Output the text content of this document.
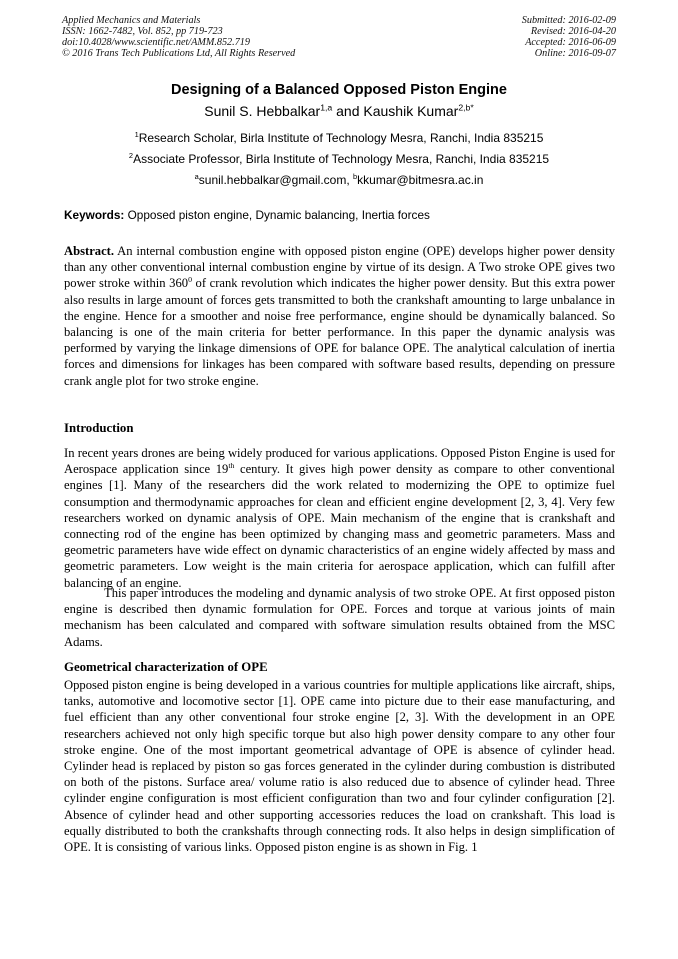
Applied Mechanics and Materials
ISSN: 1662-7482, Vol. 852, pp 719-723
doi:10.4028/www.scientific.net/AMM.852.719
© 2016 Trans Tech Publications Ltd, All Rights Reserved
Submitted: 2016-02-09
Revised: 2016-04-20
Accepted: 2016-06-09
Online: 2016-09-07
Designing of a Balanced Opposed Piston Engine
Sunil S. Hebbalkar$^{1,a}$ and Kaushik Kumar$^{2,b*}$
$^1$Research Scholar, Birla Institute of Technology Mesra, Ranchi, India 835215
$^2$Associate Professor, Birla Institute of Technology Mesra, Ranchi, India 835215
$^a$sunil.hebbalkar@gmail.com, $^b$kkumar@bitmesra.ac.in
Keywords: Opposed piston engine, Dynamic balancing, Inertia forces
Abstract. An internal combustion engine with opposed piston engine (OPE) develops higher power density than any other conventional internal combustion engine by virtue of its design. A Two stroke OPE gives two power stroke within $360^0$ of crank revolution which indicates the higher power density. But this extra power also results in large amount of forces gets transmitted to both the crankshaft amounting to large unbalance in the engine. Hence for a smoother and noise free performance, engine should be dynamically balanced. So balancing is one of the main criteria for better performance. In this paper the dynamic analysis was performed by varying the linkage dimensions of OPE for balance OPE. The analytical calculation of inertia forces and dimensions for linkages has been compared with software based results, depending on pressure crank angle plot for two stroke engine.
Introduction
In recent years drones are being widely produced for various applications. Opposed Piston Engine is used for Aerospace application since 19th century. It gives high power density as compare to other conventional engines [1]. Many of the researchers did the work related to modernizing the OPE to optimize fuel consumption and thermodynamic approaches for clean and efficient engine development [2, 3, 4]. Very few researchers worked on dynamic analysis of OPE. Main mechanism of the engine that is crankshaft and connecting rod of the engine has been optimized by changing mass and geometric parameters. Mass and geometric parameters have wide effect on dynamic characteristics of an engine widely affected by mass and geometric parameters. Low weight is the main criteria for aerospace application, which can fulfill after balancing of an engine.
This paper introduces the modeling and dynamic analysis of two stroke OPE. At first opposed piston engine is described then dynamic formulation for OPE. Forces and torque at various joints of main mechanism has been calculated and compared with software simulation results obtained from the MSC Adams.
Geometrical characterization of OPE
Opposed piston engine is being developed in a various countries for multiple applications like aircraft, ships, tanks, automotive and locomotive sector [1]. OPE came into picture due to their ease manufacturing, and fuel efficient than any other conventional four stroke engine [2, 3]. With the development in an OPE researchers achieved not only high specific torque but also high power density compare to any other four stroke engine. One of the most important geometrical advantage of OPE is absence of cylinder head. Cylinder head is replaced by piston so gas forces generated in the cylinder during combustion is distributed on both of the pistons. Surface area/ volume ratio is also reduced due to absence of cylinder head. Three cylinder engine configuration is most efficient configuration than two and four cylinder configuration [2]. Absence of cylinder head and other supporting accessories reduces the load on crankshaft. This load is equally distributed to both the crankshafts through connecting rods. It also helps in design simplification of OPE. It is consisting of various links. Opposed piston engine is as shown in Fig. 1
